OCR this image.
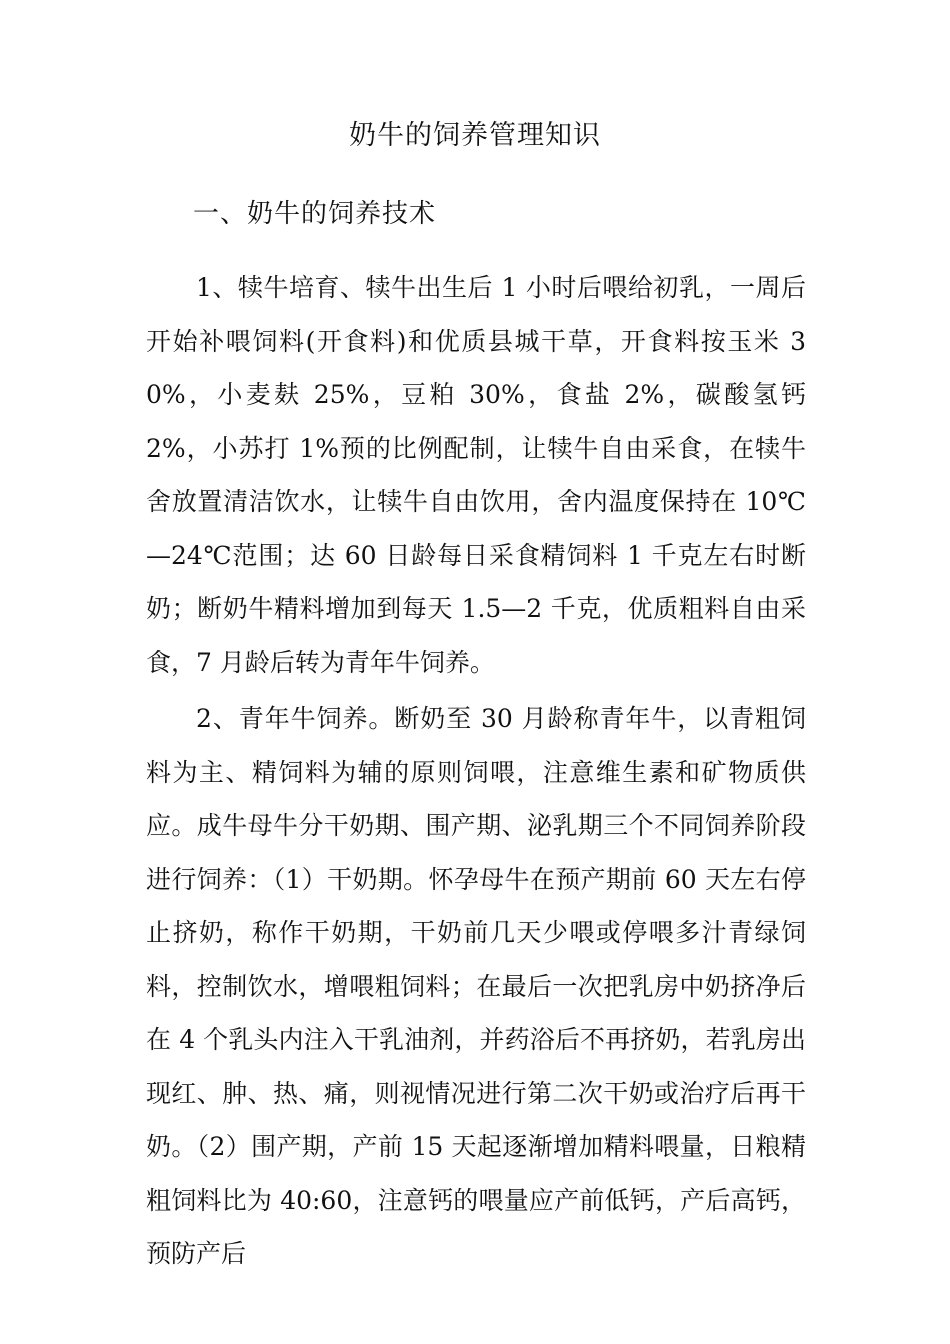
奶牛的饲养管理知识
一、奶牛的饲养技术

1、犊牛培育、犊牛出生后 1 小时后喂给初乳，一周后开始补喂饲料(开食料)和优质县城干草，开食料按玉米 30%，小麦麸 25%，豆粕 30%，食盐 2%，碳酸氢钙 2%，小苏打 1%预的比例配制，让犊牛自由采食，在犊牛舍放置清洁饮水，让犊牛自由饮用，舍内温度保持在 10℃—24℃范围；达 60 日龄每日采食精饲料 1 千克左右时断奶；断奶牛精料增加到每天 1.5—2 千克，优质粗料自由采食，7 月龄后转为青年牛饲养。

2、青年牛饲养。断奶至 30 月龄称青年牛，以青粗饲料为主、精饲料为辅的原则饲喂，注意维生素和矿物质供应。成牛母牛分干奶期、围产期、泌乳期三个不同饲养阶段进行饲养：（1）干奶期。怀孕母牛在预产期前 60 天左右停止挤奶，称作干奶期，干奶前几天少喂或停喂多汁青绿饲料，控制饮水，增喂粗饲料；在最后一次把乳房中奶挤净后在 4 个乳头内注入干乳油剂，并药浴后不再挤奶，若乳房出现红、肿、热、痛，则视情况进行第二次干奶或治疗后再干奶。（2）围产期，产前 15 天起逐渐增加精料喂量，日粮精粗饲料比为 40:60，注意钙的喂量应产前低钙，产后高钙，预防产后
